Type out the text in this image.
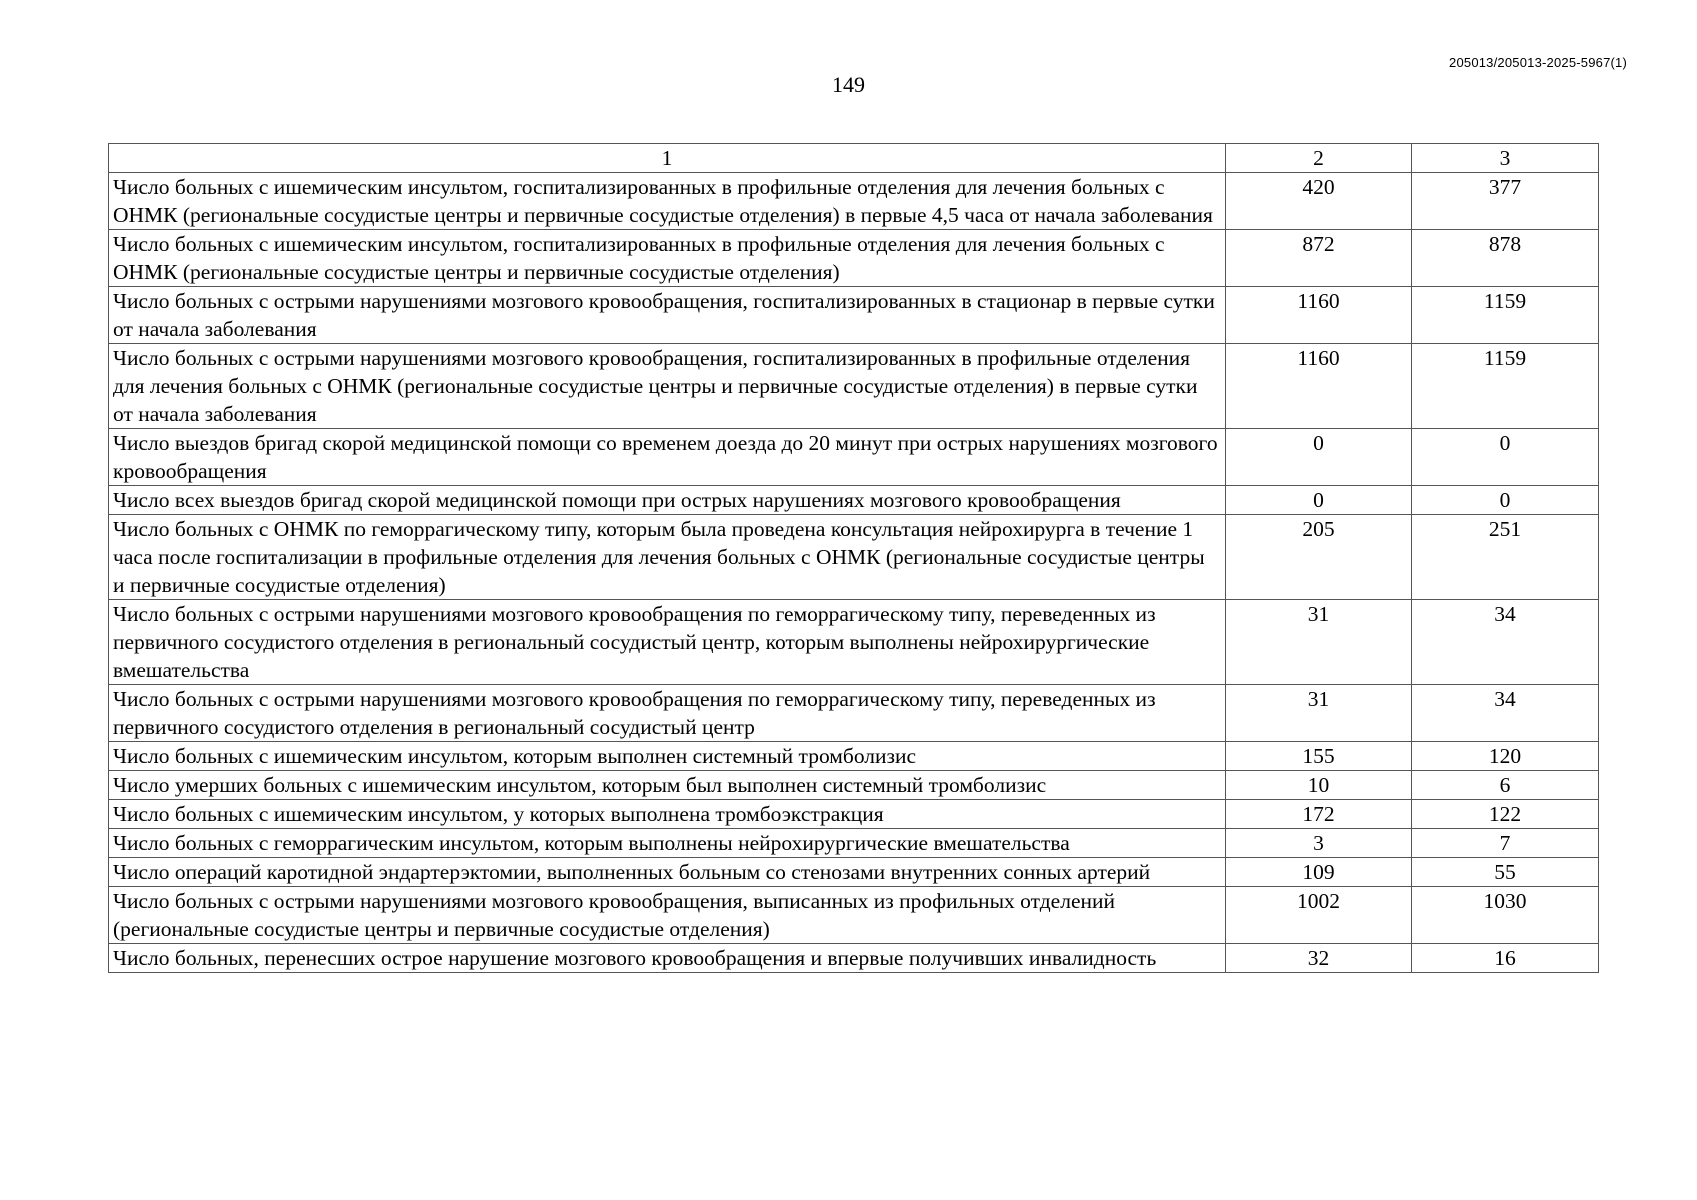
205013/205013-2025-5967(1)
149
1	2	3
Число больных с ишемическим инсультом, госпитализированных в профильные отделения для лечения больных с ОНМК (региональные сосудистые центры и первичные сосудистые отделения) в первые 4,5 часа от начала заболевания	420	377
Число больных с ишемическим инсультом, госпитализированных в профильные отделения для лечения больных с ОНМК (региональные сосудистые центры и первичные сосудистые отделения)	872	878
Число больных с острыми нарушениями мозгового кровообращения, госпитализированных в стационар в первые сутки от начала заболевания	1160	1159
Число больных с острыми нарушениями мозгового кровообращения, госпитализированных в профильные отделения для лечения больных с ОНМК (региональные сосудистые центры и первичные сосудистые отделения) в первые сутки от начала заболевания	1160	1159
Число выездов бригад скорой медицинской помощи со временем доезда до 20 минут при острых нарушениях мозгового кровообращения	0	0
Число всех выездов бригад скорой медицинской помощи при острых нарушениях мозгового кровообращения	0	0
Число больных с ОНМК по геморрагическому типу, которым была проведена консультация нейрохирурга в течение 1 часа после госпитализации в профильные отделения для лечения больных с ОНМК (региональные сосудистые центры и первичные сосудистые отделения)	205	251
Число больных с острыми нарушениями мозгового кровообращения по геморрагическому типу, переведенных из первичного сосудистого отделения в региональный сосудистый центр, которым выполнены нейрохирургические вмешательства	31	34
Число больных с острыми нарушениями мозгового кровообращения по геморрагическому типу, переведенных из первичного сосудистого отделения в региональный сосудистый центр	31	34
Число больных с ишемическим инсультом, которым выполнен системный тромболизис	155	120
Число умерших больных с ишемическим инсультом, которым был выполнен системный тромболизис	10	6
Число больных с ишемическим инсультом, у которых выполнена тромбоэкстракция	172	122
Число больных с геморрагическим инсультом, которым выполнены нейрохирургические вмешательства	3	7
Число операций каротидной эндартерэктомии, выполненных больным со стенозами внутренних сонных артерий	109	55
Число больных с острыми нарушениями мозгового кровообращения, выписанных из профильных отделений (региональные сосудистые центры и первичные сосудистые отделения)	1002	1030
Число больных, перенесших острое нарушение мозгового кровообращения и впервые получивших инвалидность	32	16
